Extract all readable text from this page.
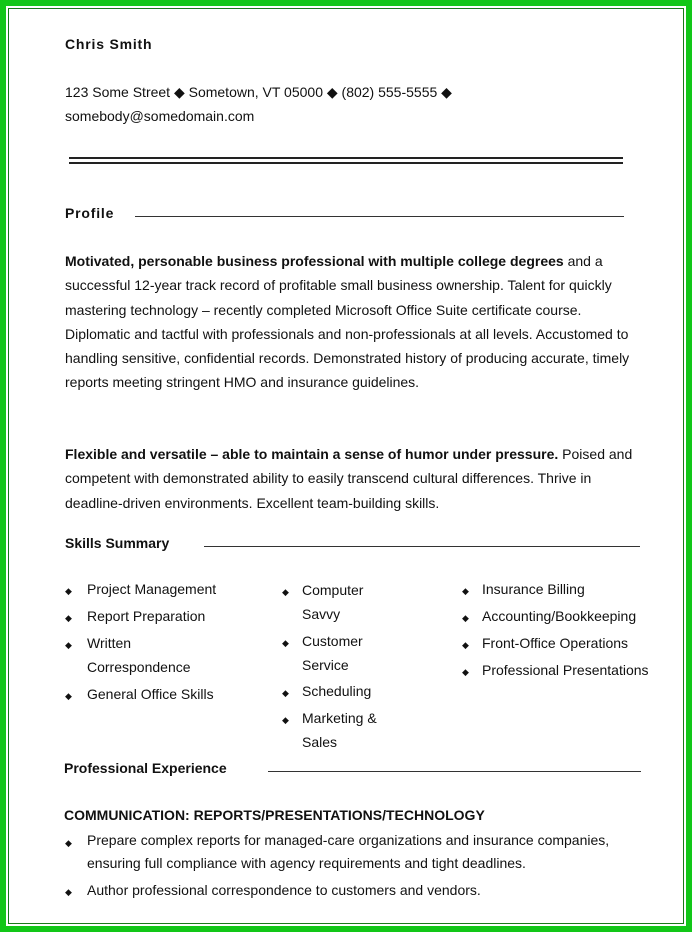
Chris Smith
123 Some Street ◆ Sometown, VT 05000 ◆ (802) 555-5555 ◆
somebody@somedomain.com
Profile
Motivated, personable business professional with multiple college degrees and a successful 12-year track record of profitable small business ownership. Talent for quickly mastering technology – recently completed Microsoft Office Suite certificate course. Diplomatic and tactful with professionals and non-professionals at all levels. Accustomed to handling sensitive, confidential records. Demonstrated history of producing accurate, timely reports meeting stringent HMO and insurance guidelines.
Flexible and versatile – able to maintain a sense of humor under pressure. Poised and competent with demonstrated ability to easily transcend cultural differences. Thrive in deadline-driven environments. Excellent team-building skills.
Skills Summary
◆ Project Management
◆ Report Preparation
◆ Written Correspondence
◆ General Office Skills
◆ Computer Savvy
◆ Customer Service
◆ Scheduling
◆ Marketing & Sales
◆ Insurance Billing
◆ Accounting/Bookkeeping
◆ Front-Office Operations
◆ Professional Presentations
Professional Experience
COMMUNICATION: REPORTS/PRESENTATIONS/TECHNOLOGY
◆ Prepare complex reports for managed-care organizations and insurance companies, ensuring full compliance with agency requirements and tight deadlines.
◆ Author professional correspondence to customers and vendors.
